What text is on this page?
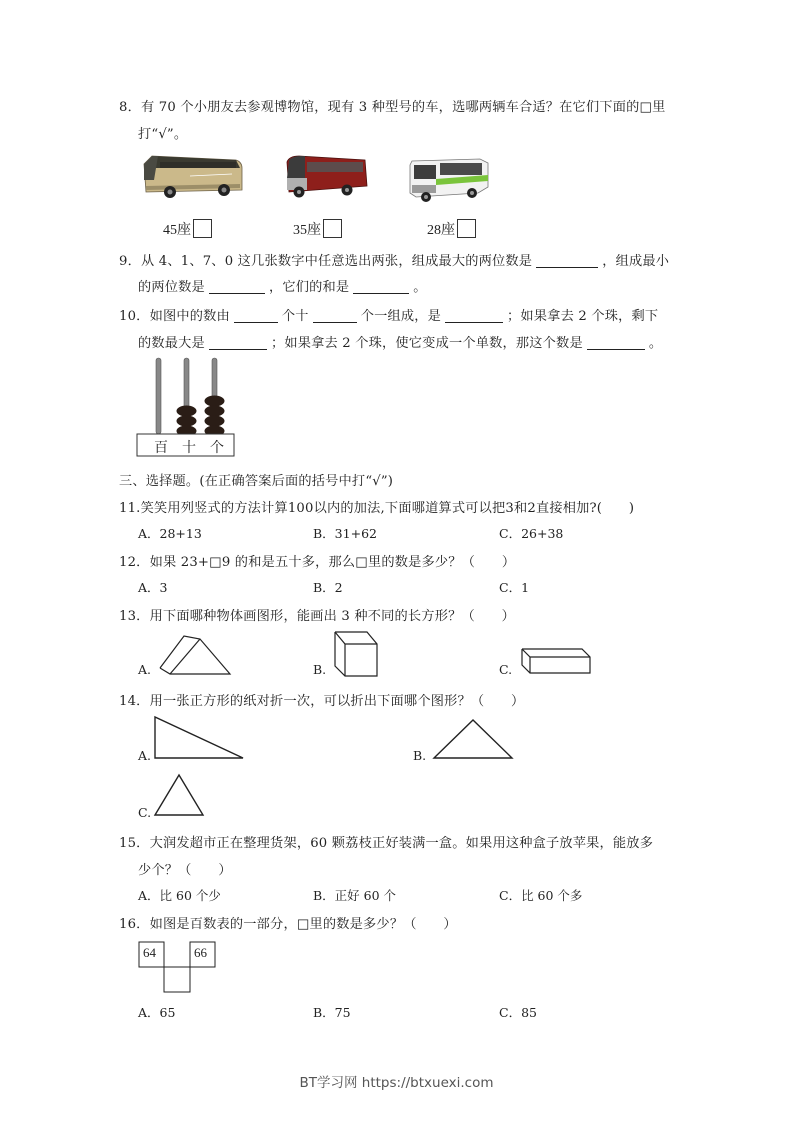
8．有 70 个小朋友去参观博物馆，现有 3 种型号的车，选哪两辆车合适？在它们下面的□里
打“√”。
45座	35座	28座
9．从 4、1、7、0 这几张数字中任意选出两张，组成最大的两位数是	，组成最小
的两位数是	，它们的和是	。
10．如图中的数由	个十	个一组成，是	；如果拿去 2 个珠，剩下
的数最大是	；如果拿去 2 个珠，使它变成一个单数，那这个数是	。
百 十 个
三、选择题。(在正确答案后面的括号中打“√”)
11.笑笑用列竖式的方法计算100以内的加法,下面哪道算式可以把3和2直接相加?(　　)
A．28+13	B．31+62	C．26+38
12．如果 23+□9 的和是五十多，那么□里的数是多少？（　　）
A．3	B．2	C．1
13．用下面哪种物体画图形，能画出 3 种不同的长方形？（　　）
A.	B.	C.
14．用一张正方形的纸对折一次，可以折出下面哪个图形？（　　）
A.	B.
C.
15．大润发超市正在整理货架，60 颗荔枝正好装满一盒。如果用这种盒子放苹果，能放多
少个？（　　）
A．比 60 个少	B．正好 60 个	C．比 60 个多
16．如图是百数表的一部分，□里的数是多少？（　　）
64	66
A．65	B．75	C．85
BT学习网 https://btxuexi.com
